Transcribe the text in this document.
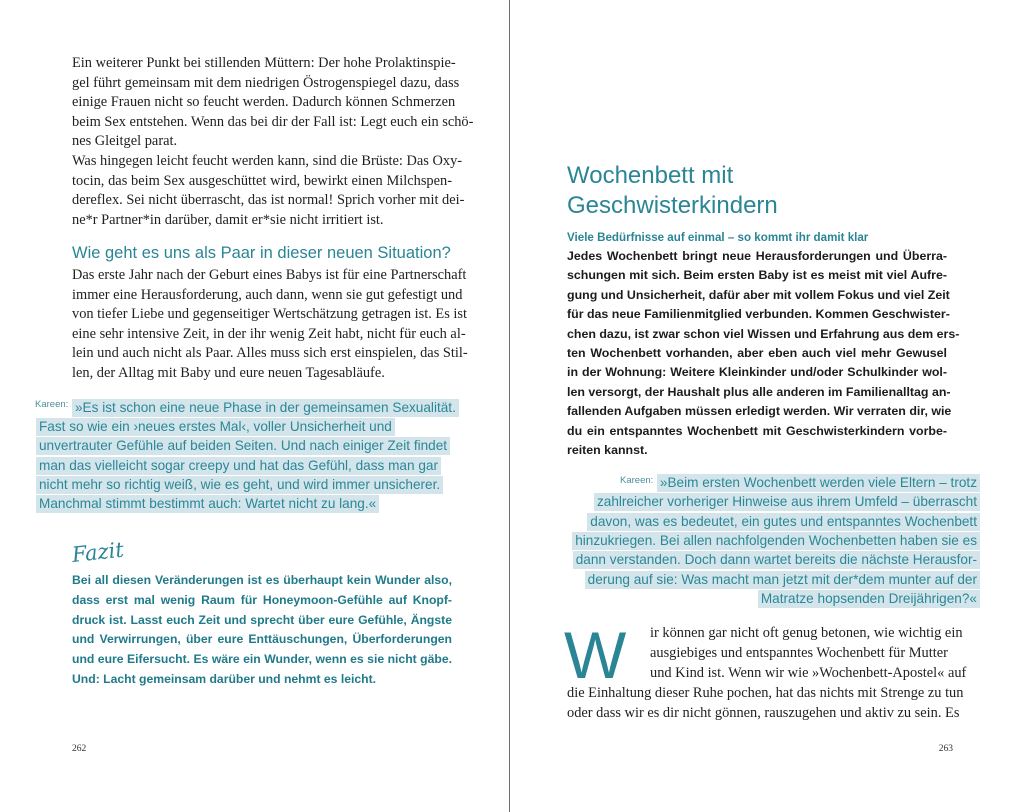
Ein weiterer Punkt bei stillenden Müttern: Der hohe Prolaktinspie-
gel führt gemeinsam mit dem niedrigen Östrogenspiegel dazu, dass
einige Frauen nicht so feucht werden. Dadurch können Schmerzen
beim Sex entstehen. Wenn das bei dir der Fall ist: Legt euch ein schö-
nes Gleitgel parat.
Was hingegen leicht feucht werden kann, sind die Brüste: Das Oxy-
tocin, das beim Sex ausgeschüttet wird, bewirkt einen Milchspen-
dereflex. Sei nicht überrascht, das ist normal! Sprich vorher mit dei-
ne*r Partner*in darüber, damit er*sie nicht irritiert ist.
Wie geht es uns als Paar in dieser neuen Situation?
Das erste Jahr nach der Geburt eines Babys ist für eine Partnerschaft
immer eine Herausforderung, auch dann, wenn sie gut gefestigt und
von tiefer Liebe und gegenseitiger Wertschätzung getragen ist. Es ist
eine sehr intensive Zeit, in der ihr wenig Zeit habt, nicht für euch al-
lein und auch nicht als Paar. Alles muss sich erst einspielen, das Stil-
len, der Alltag mit Baby und eure neuen Tagesabläufe.
Kareen: »Es ist schon eine neue Phase in der gemeinsamen Sexualität.
Fast so wie ein ›neues erstes Mal‹, voller Unsicherheit und
unvertrauter Gefühle auf beiden Seiten. Und nach einiger Zeit findet
man das vielleicht sogar creepy und hat das Gefühl, dass man gar
nicht mehr so richtig weiß, wie es geht, und wird immer unsicherer.
Manchmal stimmt bestimmt auch: Wartet nicht zu lang.«
Fazit
Bei all diesen Veränderungen ist es überhaupt kein Wunder also,
dass erst mal wenig Raum für Honeymoon-Gefühle auf Knopf-
druck ist. Lasst euch Zeit und sprecht über eure Gefühle, Ängste
und Verwirrungen, über eure Enttäuschungen, Überforderungen
und eure Eifersucht. Es wäre ein Wunder, wenn es sie nicht gäbe.
Und: Lacht gemeinsam darüber und nehmt es leicht.
262
Wochenbett mit
Geschwisterkindern
Viele Bedürfnisse auf einmal – so kommt ihr damit klar
Jedes Wochenbett bringt neue Herausforderungen und Überra-
schungen mit sich. Beim ersten Baby ist es meist mit viel Aufre-
gung und Unsicherheit, dafür aber mit vollem Fokus und viel Zeit
für das neue Familienmitglied verbunden. Kommen Geschwister-
chen dazu, ist zwar schon viel Wissen und Erfahrung aus dem ers-
ten Wochenbett vorhanden, aber eben auch viel mehr Gewusel
in der Wohnung: Weitere Kleinkinder und/oder Schulkinder wol-
len versorgt, der Haushalt plus alle anderen im Familienalltag an-
fallenden Aufgaben müssen erledigt werden. Wir verraten dir, wie
du ein entspanntes Wochenbett mit Geschwisterkindern vorbe-
reiten kannst.
Kareen: »Beim ersten Wochenbett werden viele Eltern – trotz
zahlreicher vorheriger Hinweise aus ihrem Umfeld – überrascht
davon, was es bedeutet, ein gutes und entspanntes Wochenbett
hinzukriegen. Bei allen nachfolgenden Wochenbetten haben sie es
dann verstanden. Doch dann wartet bereits die nächste Herausfor-
derung auf sie: Was macht man jetzt mit der*dem munter auf der
Matratze hopsenden Dreijährigen?«
W ir können gar nicht oft genug betonen, wie wichtig ein
ausgiebiges und entspanntes Wochenbett für Mutter
und Kind ist. Wenn wir wie »Wochenbett-Apostel« auf
die Einhaltung dieser Ruhe pochen, hat das nichts mit Strenge zu tun
oder dass wir es dir nicht gönnen, rauszugehen und aktiv zu sein. Es
263
